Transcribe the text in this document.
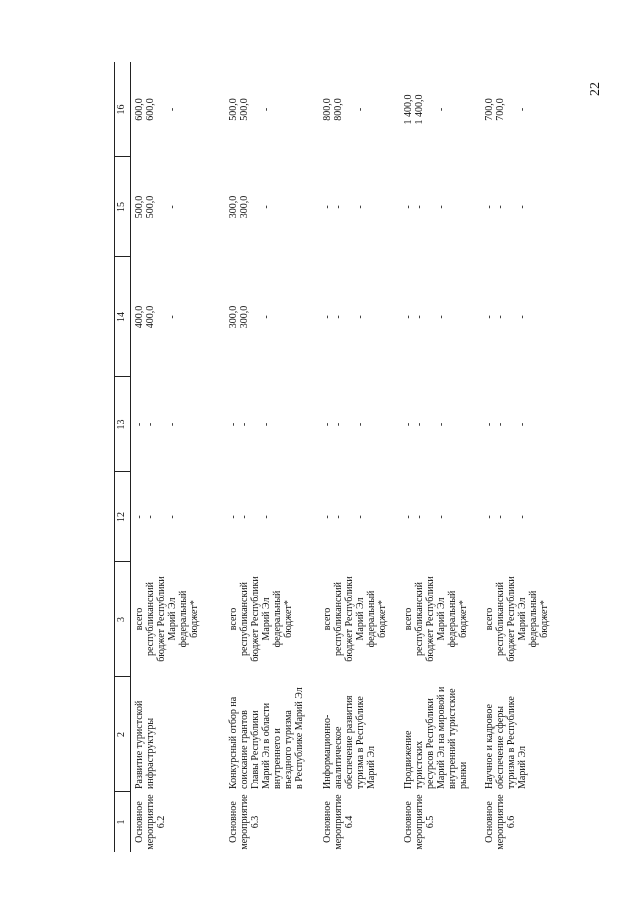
22
1
2
3
12
13
14
15
16
Основное
мероприятие
6.2
Развитие туристской
инфраструктуры
всего
республиканский
бюджет Республики
Марий Эл
федеральный
бюджет*
-
-

-
-
-

-
400,0
400,0

-
500,0
500,0

-
600,0
600,0

-
Основное
мероприятие
6.3
Конкурсный отбор на
соискание грантов
Главы Республики
Марий Эл в области
внутреннего и
въездного туризма
в Республике Марий Эл
всего
республиканский
бюджет Республики
Марий Эл
федеральный
бюджет*
-
-

-
-
-

-
300,0
300,0

-
300,0
300,0

-
500,0
500,0

-
Основное
мероприятие
6.4
Информационно-
аналитическое
обеспечение развития
туризма в Республике
Марий Эл
всего
республиканский
бюджет Республики
Марий Эл
федеральный
бюджет*
-
-

-
-
-

-
-
-

-
-
-

-
800,0
800,0

-
Основное
мероприятие
6.5
Продвижение
туристских
ресурсов Республики
Марий Эл на мировой и
внутренний туристские
рынки
всего
республиканский
бюджет Республики
Марий Эл
федеральный
бюджет*
-
-

-
-
-

-
-
-

-
-
-

-
1 400,0
1 400,0

-
Основное
мероприятие
6.6
Научное и кадровое
обеспечение сферы
туризма в Республике
Марий Эл
всего
республиканский
бюджет Республики
Марий Эл
федеральный
бюджет*
-
-

-
-
-

-
-
-

-
-
-

-
700,0
700,0

-
